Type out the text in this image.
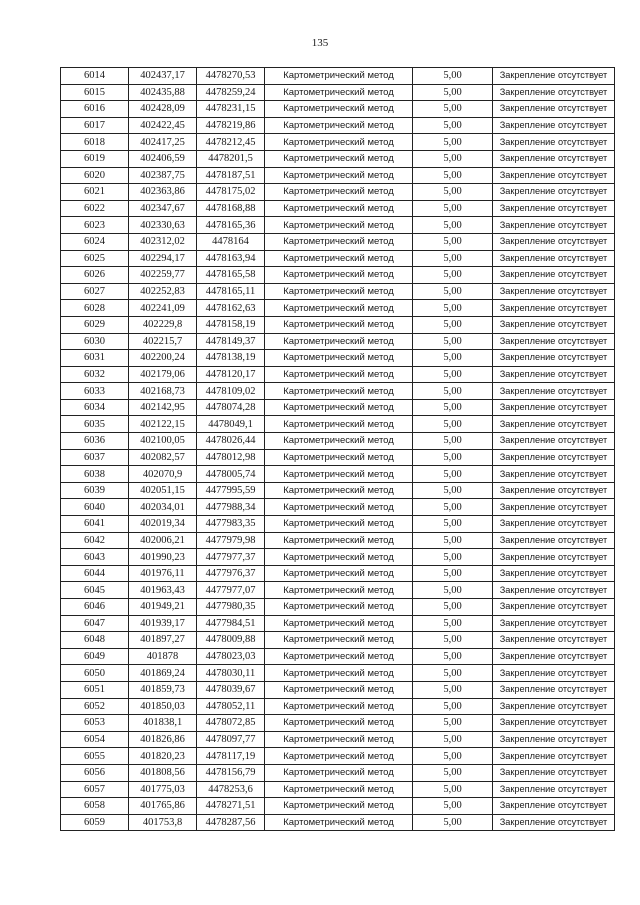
135
6014	402437,17	4478270,53	Картометрический метод	5,00	Закрепление отсутствует
6015	402435,88	4478259,24	Картометрический метод	5,00	Закрепление отсутствует
6016	402428,09	4478231,15	Картометрический метод	5,00	Закрепление отсутствует
6017	402422,45	4478219,86	Картометрический метод	5,00	Закрепление отсутствует
6018	402417,25	4478212,45	Картометрический метод	5,00	Закрепление отсутствует
6019	402406,59	4478201,5	Картометрический метод	5,00	Закрепление отсутствует
6020	402387,75	4478187,51	Картометрический метод	5,00	Закрепление отсутствует
6021	402363,86	4478175,02	Картометрический метод	5,00	Закрепление отсутствует
6022	402347,67	4478168,88	Картометрический метод	5,00	Закрепление отсутствует
6023	402330,63	4478165,36	Картометрический метод	5,00	Закрепление отсутствует
6024	402312,02	4478164	Картометрический метод	5,00	Закрепление отсутствует
6025	402294,17	4478163,94	Картометрический метод	5,00	Закрепление отсутствует
6026	402259,77	4478165,58	Картометрический метод	5,00	Закрепление отсутствует
6027	402252,83	4478165,11	Картометрический метод	5,00	Закрепление отсутствует
6028	402241,09	4478162,63	Картометрический метод	5,00	Закрепление отсутствует
6029	402229,8	4478158,19	Картометрический метод	5,00	Закрепление отсутствует
6030	402215,7	4478149,37	Картометрический метод	5,00	Закрепление отсутствует
6031	402200,24	4478138,19	Картометрический метод	5,00	Закрепление отсутствует
6032	402179,06	4478120,17	Картометрический метод	5,00	Закрепление отсутствует
6033	402168,73	4478109,02	Картометрический метод	5,00	Закрепление отсутствует
6034	402142,95	4478074,28	Картометрический метод	5,00	Закрепление отсутствует
6035	402122,15	4478049,1	Картометрический метод	5,00	Закрепление отсутствует
6036	402100,05	4478026,44	Картометрический метод	5,00	Закрепление отсутствует
6037	402082,57	4478012,98	Картометрический метод	5,00	Закрепление отсутствует
6038	402070,9	4478005,74	Картометрический метод	5,00	Закрепление отсутствует
6039	402051,15	4477995,59	Картометрический метод	5,00	Закрепление отсутствует
6040	402034,01	4477988,34	Картометрический метод	5,00	Закрепление отсутствует
6041	402019,34	4477983,35	Картометрический метод	5,00	Закрепление отсутствует
6042	402006,21	4477979,98	Картометрический метод	5,00	Закрепление отсутствует
6043	401990,23	4477977,37	Картометрический метод	5,00	Закрепление отсутствует
6044	401976,11	4477976,37	Картометрический метод	5,00	Закрепление отсутствует
6045	401963,43	4477977,07	Картометрический метод	5,00	Закрепление отсутствует
6046	401949,21	4477980,35	Картометрический метод	5,00	Закрепление отсутствует
6047	401939,17	4477984,51	Картометрический метод	5,00	Закрепление отсутствует
6048	401897,27	4478009,88	Картометрический метод	5,00	Закрепление отсутствует
6049	401878	4478023,03	Картометрический метод	5,00	Закрепление отсутствует
6050	401869,24	4478030,11	Картометрический метод	5,00	Закрепление отсутствует
6051	401859,73	4478039,67	Картометрический метод	5,00	Закрепление отсутствует
6052	401850,03	4478052,11	Картометрический метод	5,00	Закрепление отсутствует
6053	401838,1	4478072,85	Картометрический метод	5,00	Закрепление отсутствует
6054	401826,86	4478097,77	Картометрический метод	5,00	Закрепление отсутствует
6055	401820,23	4478117,19	Картометрический метод	5,00	Закрепление отсутствует
6056	401808,56	4478156,79	Картометрический метод	5,00	Закрепление отсутствует
6057	401775,03	4478253,6	Картометрический метод	5,00	Закрепление отсутствует
6058	401765,86	4478271,51	Картометрический метод	5,00	Закрепление отсутствует
6059	401753,8	4478287,56	Картометрический метод	5,00	Закрепление отсутствует
